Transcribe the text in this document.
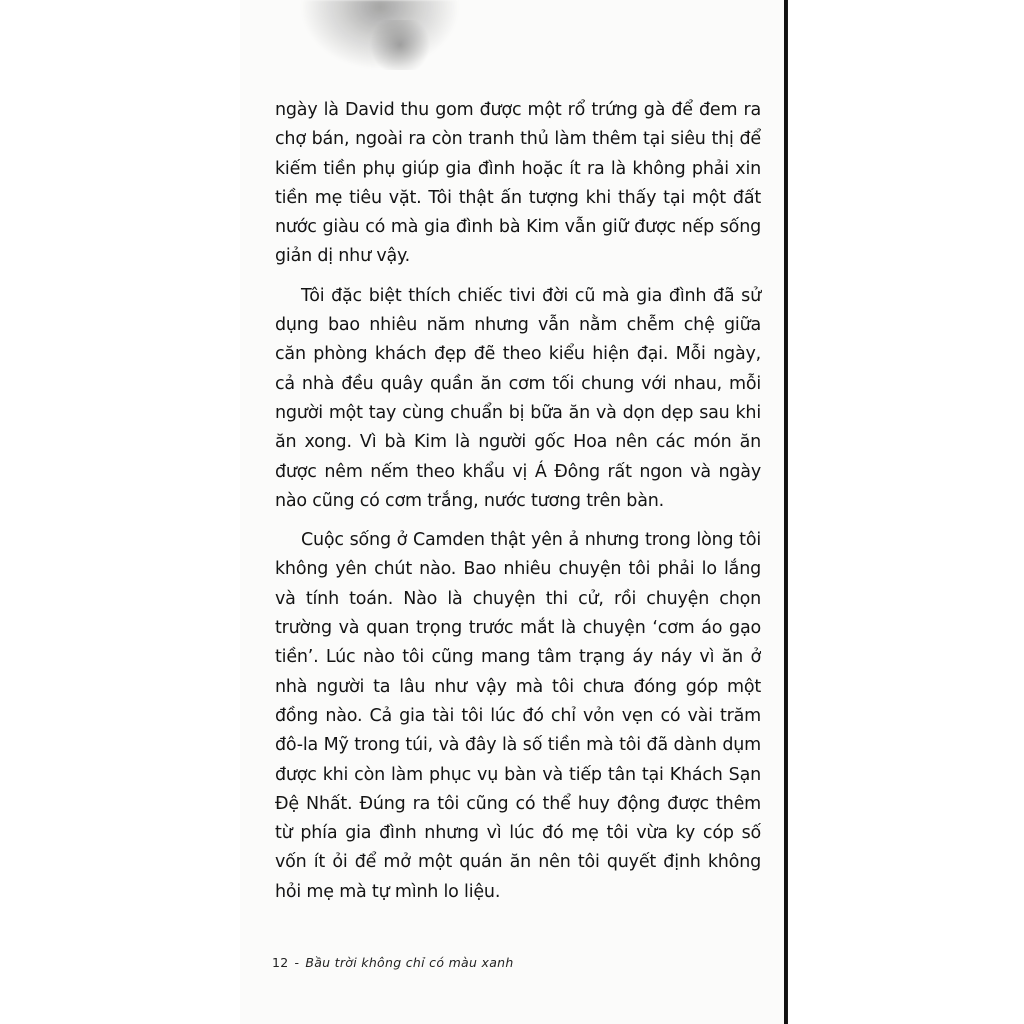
ngày là David thu gom được một rổ trứng gà để đem ra chợ bán, ngoài ra còn tranh thủ làm thêm tại siêu thị để kiếm tiền phụ giúp gia đình hoặc ít ra là không phải xin tiền mẹ tiêu vặt. Tôi thật ấn tượng khi thấy tại một đất nước giàu có mà gia đình bà Kim vẫn giữ được nếp sống giản dị như vậy.

Tôi đặc biệt thích chiếc tivi đời cũ mà gia đình đã sử dụng bao nhiêu năm nhưng vẫn nằm chễm chệ giữa căn phòng khách đẹp đẽ theo kiểu hiện đại. Mỗi ngày, cả nhà đều quây quần ăn cơm tối chung với nhau, mỗi người một tay cùng chuẩn bị bữa ăn và dọn dẹp sau khi ăn xong. Vì bà Kim là người gốc Hoa nên các món ăn được nêm nếm theo khẩu vị Á Đông rất ngon và ngày nào cũng có cơm trắng, nước tương trên bàn.

Cuộc sống ở Camden thật yên ả nhưng trong lòng tôi không yên chút nào. Bao nhiêu chuyện tôi phải lo lắng và tính toán. Nào là chuyện thi cử, rồi chuyện chọn trường và quan trọng trước mắt là chuyện ‘cơm áo gạo tiền’. Lúc nào tôi cũng mang tâm trạng áy náy vì ăn ở nhà người ta lâu như vậy mà tôi chưa đóng góp một đồng nào. Cả gia tài tôi lúc đó chỉ vỏn vẹn có vài trăm đô-la Mỹ trong túi, và đây là số tiền mà tôi đã dành dụm được khi còn làm phục vụ bàn và tiếp tân tại Khách Sạn Đệ Nhất. Đúng ra tôi cũng có thể huy động được thêm từ phía gia đình nhưng vì lúc đó mẹ tôi vừa ky cóp số vốn ít ỏi để mở một quán ăn nên tôi quyết định không hỏi mẹ mà tự mình lo liệu.

12 - Bầu trời không chỉ có màu xanh
